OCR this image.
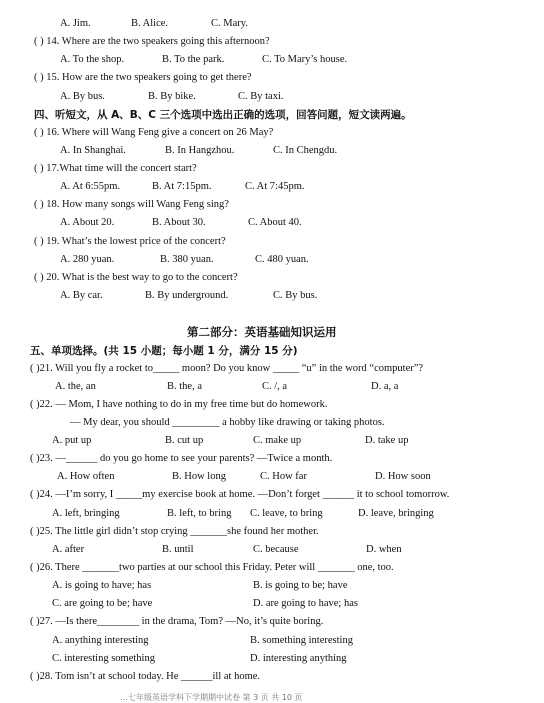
A. Jim.	B. Alice.	C. Mary.
( ) 14. Where are the two speakers going this afternoon?
A. To the shop.	B. To the park.	C. To Mary’s house.
( ) 15. How are the two speakers going to get there?
A. By bus.	B. By bike.	C. By taxi.
四、听短文，从 A、B、C 三个选项中选出正确的选项，回答问题，短文读两遍。
( ) 16. Where will Wang Feng give a concert on 26 May?
A. In Shanghai.	B. In Hangzhou.	C. In Chengdu.
( ) 17.What time will the concert start?
A. At 6:55pm.	B. At 7:15pm.	C. At 7:45pm.
( ) 18. How many songs will Wang Feng sing?
A. About 20.	B. About 30.	C. About 40.
( ) 19. What’s the lowest price of the concert?
A. 280 yuan.	B. 380 yuan.	C. 480 yuan.
( ) 20. What is the best way to go to the concert?
A. By car.	B. By underground.	C. By bus.
第二部分：英语基础知识运用
五、单项选择。(共 15 小题；每小题 1 分，满分 15 分)
( )21. Will you fly a rocket to_____ moon? Do you know _____ “u” in the word “computer”?
A. the, an	B. the, a	C. /, a	D. a, a
( )22. — Mom, I have nothing to do in my free time but do homework.
— My dear, you should _________ a hobby like drawing or taking photos.
A. put up	B. cut up	C. make up	D. take up
( )23. —______ do you go home to see your parents? —Twice a month.
A. How often	B. How long	C. How far	D. How soon
( )24. —I’m sorry, I _____my exercise book at home. —Don’t forget ______ it to school tomorrow.
A. left, bringing	B. left, to bring C. leave, to bring	D. leave, bringing
( )25. The little girl didn’t stop crying _______she found her mother.
A. after	B. until	C. because	D. when
( )26. There _______two parties at our school this Friday. Peter will _______ one, too.
A. is going to have; has	B. is going to be; have
C. are going to be; have	D. are going to have; has
( )27. —Is there________ in the drama, Tom? —No, it’s quite boring.
A. anything interesting	B. something interesting
C. interesting something	D. interesting anything
( )28. Tom isn’t at school today. He ______ill at home.
…七年级英语学科下学期期中试卷 第 3 页 共 10 页
